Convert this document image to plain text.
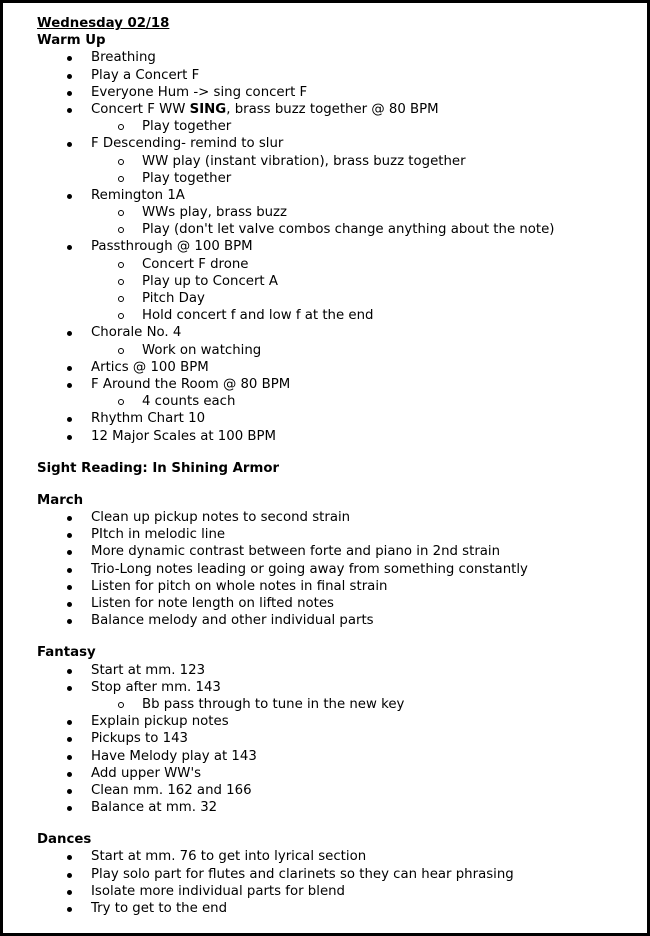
Wednesday 02/18
Warm Up
Breathing
Play a Concert F
Everyone Hum -> sing concert F
Concert F WW SING, brass buzz together @ 80 BPM
Play together
F Descending- remind to slur
WW play (instant vibration), brass buzz together
Play together
Remington 1A
WWs play, brass buzz
Play (don't let valve combos change anything about the note)
Passthrough @ 100 BPM
Concert F drone
Play up to Concert A
Pitch Day
Hold concert f and low f at the end
Chorale No. 4
Work on watching
Artics @ 100 BPM
F Around the Room @ 80 BPM
4 counts each
Rhythm Chart 10
12 Major Scales at 100 BPM
Sight Reading: In Shining Armor
March
Clean up pickup notes to second strain
PItch in melodic line
More dynamic contrast between forte and piano in 2nd strain
Trio-Long notes leading or going away from something constantly
Listen for pitch on whole notes in final strain
Listen for note length on lifted notes
Balance melody and other individual parts
Fantasy
Start at mm. 123
Stop after mm. 143
Bb pass through to tune in the new key
Explain pickup notes
Pickups to 143
Have Melody play at 143
Add upper WW's
Clean mm. 162 and 166
Balance at mm. 32
Dances
Start at mm. 76 to get into lyrical section
Play solo part for flutes and clarinets so they can hear phrasing
Isolate more individual parts for blend
Try to get to the end
